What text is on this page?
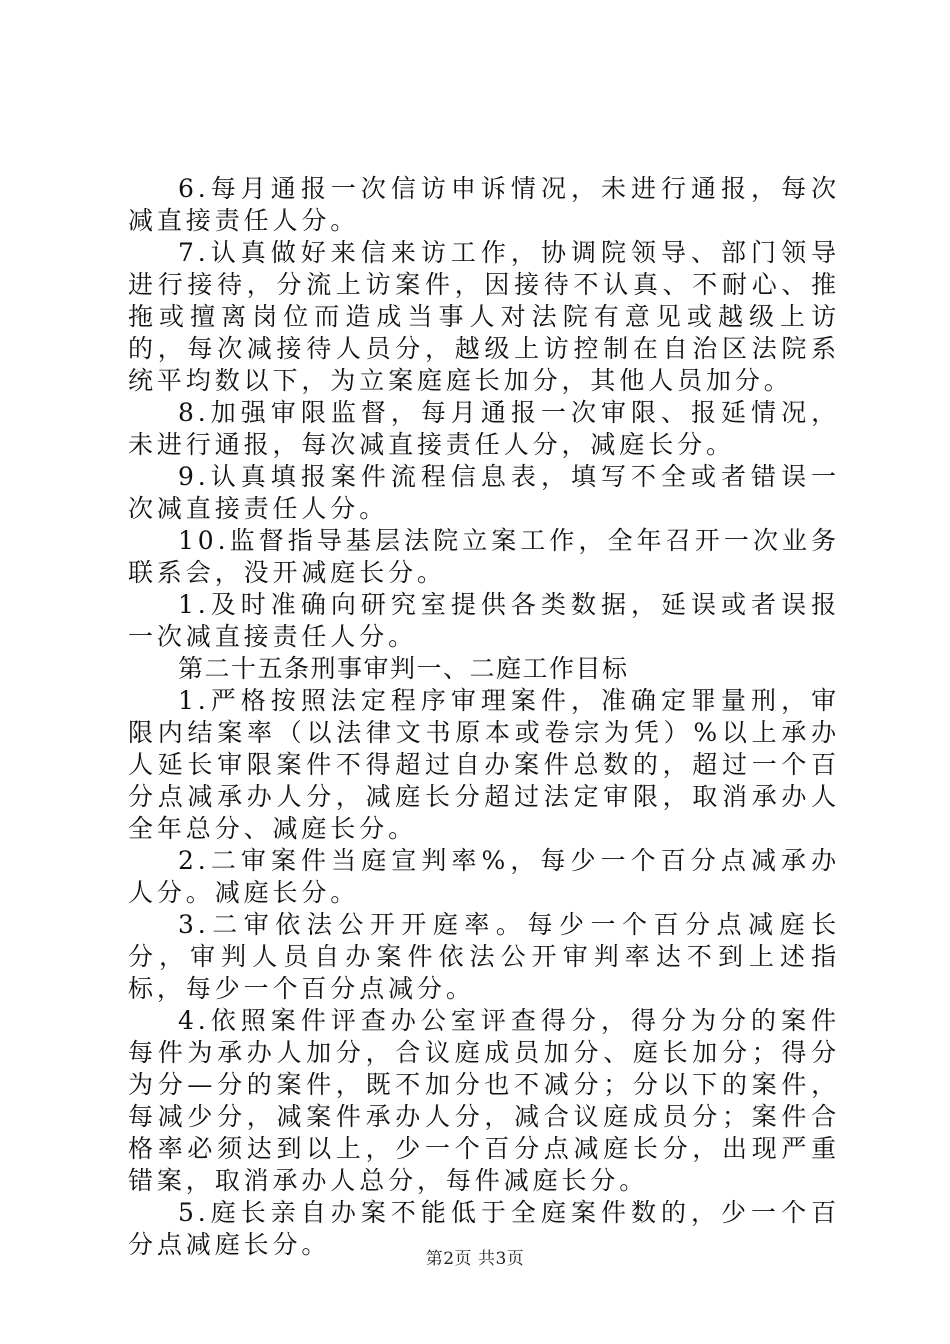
6.每月通报一次信访申诉情况，未进行通报，每次减直接责任人分。

7.认真做好来信来访工作，协调院领导、部门领导进行接待，分流上访案件，因接待不认真、不耐心、推拖或擅离岗位而造成当事人对法院有意见或越级上访的，每次减接待人员分，越级上访控制在自治区法院系统平均数以下，为立案庭庭长加分，其他人员加分。

8.加强审限监督，每月通报一次审限、报延情况，未进行通报，每次减直接责任人分，减庭长分。

9.认真填报案件流程信息表，填写不全或者错误一次减直接责任人分。

10.监督指导基层法院立案工作，全年召开一次业务联系会，没开减庭长分。

1.及时准确向研究室提供各类数据，延误或者误报一次减直接责任人分。

第二十五条刑事审判一、二庭工作目标

1.严格按照法定程序审理案件，准确定罪量刑，审限内结案率（以法律文书原本或卷宗为凭）%以上承办人延长审限案件不得超过自办案件总数的，超过一个百分点减承办人分，减庭长分超过法定审限，取消承办人全年总分、减庭长分。

2.二审案件当庭宣判率%，每少一个百分点减承办人分。减庭长分。

3.二审依法公开开庭率。每少一个百分点减庭长分，审判人员自办案件依法公开审判率达不到上述指标，每少一个百分点减分。

4.依照案件评查办公室评查得分，得分为分的案件每件为承办人加分，合议庭成员加分、庭长加分；得分为分—分的案件，既不加分也不减分；分以下的案件，每减少分，减案件承办人分，减合议庭成员分；案件合格率必须达到以上，少一个百分点减庭长分，出现严重错案，取消承办人总分，每件减庭长分。

5.庭长亲自办案不能低于全庭案件数的，少一个百分点减庭长分。	第2页 共3页
